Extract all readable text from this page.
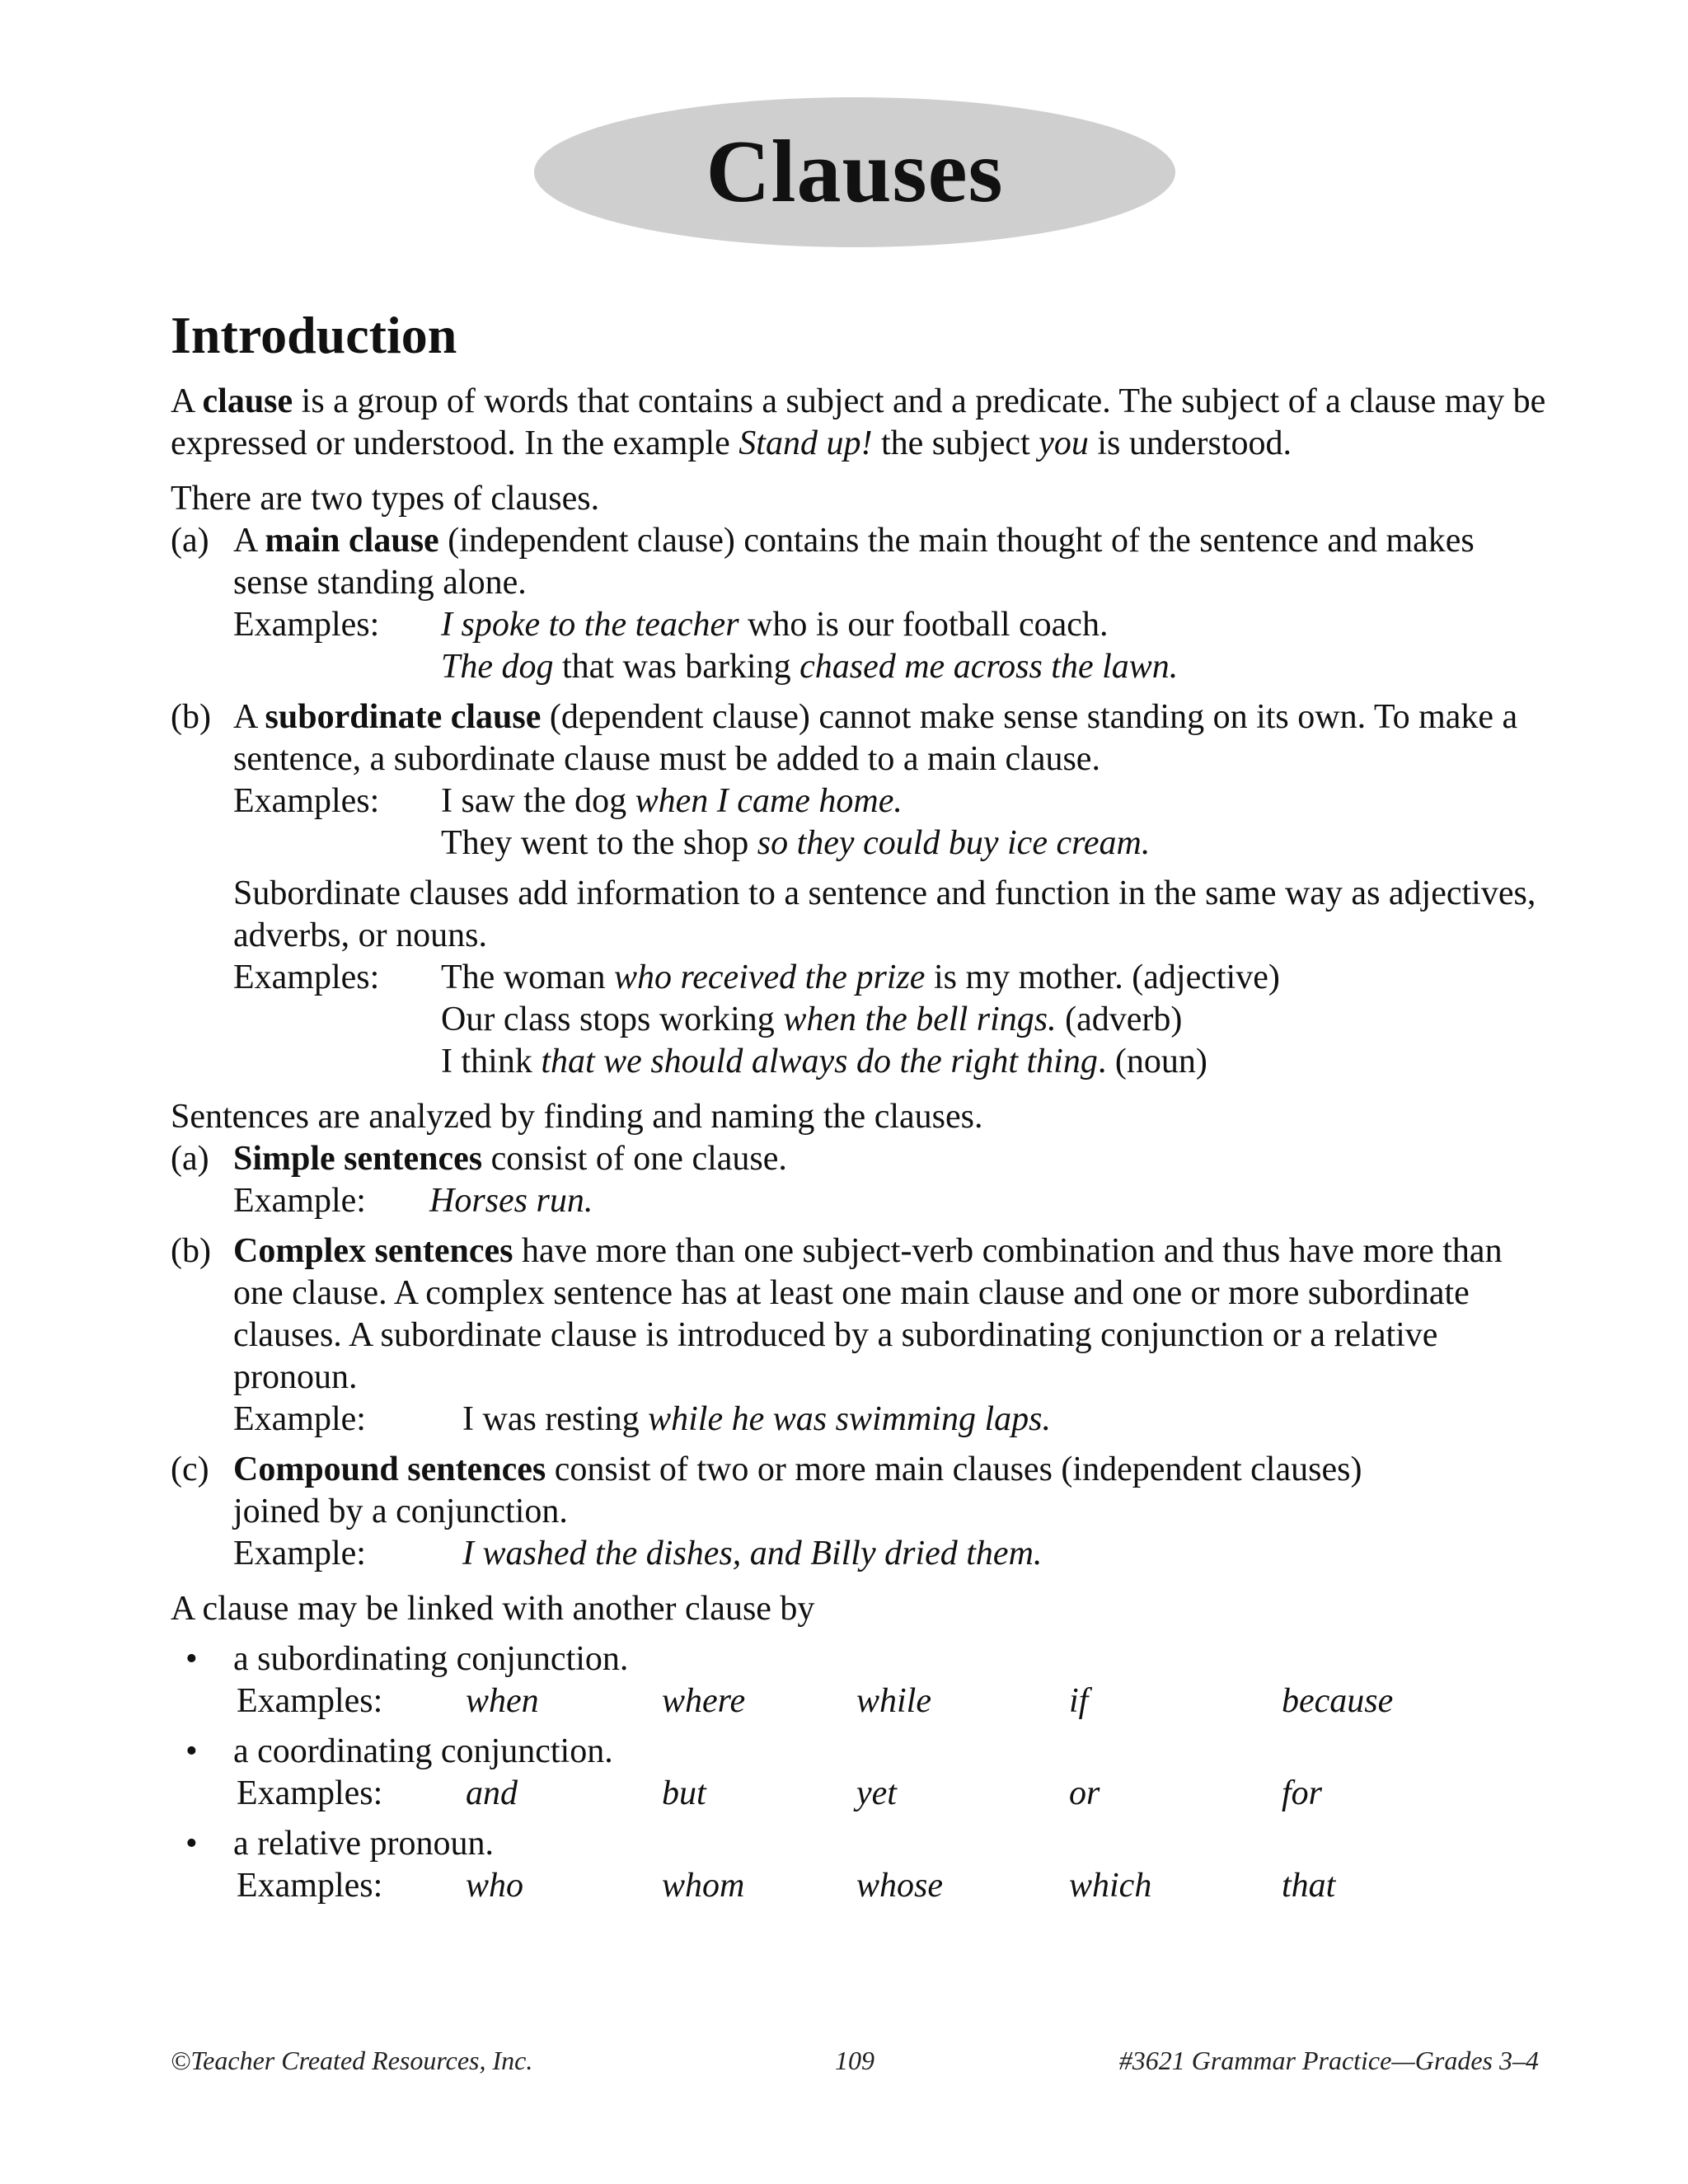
Clauses
Introduction

A clause is a group of words that contains a subject and a predicate. The subject of a clause may be expressed or understood. In the example Stand up! the subject you is understood.

There are two types of clauses.

(a) A main clause (independent clause) contains the main thought of the sentence and makes sense standing alone.
Examples:	I spoke to the teacher who is our football coach.
The dog that was barking chased me across the lawn.
(b) A subordinate clause (dependent clause) cannot make sense standing on its own. To make a sentence, a subordinate clause must be added to a main clause.
Examples:	I saw the dog when I came home.
They went to the shop so they could buy ice cream.

Subordinate clauses add information to a sentence and function in the same way as adjectives, adverbs, or nouns.

Examples:	The woman who received the prize is my mother. (adjective)
Our class stops working when the bell rings. (adverb)
I think that we should always do the right thing. (noun)

Sentences are analyzed by finding and naming the clauses.

(a) Simple sentences consist of one clause.
Example:	Horses run.
(b) Complex sentences have more than one subject-verb combination and thus have more than one clause. A complex sentence has at least one main clause and one or more subordinate clauses. A subordinate clause is introduced by a subordinating conjunction or a relative pronoun.
Example:	I was resting while he was swimming laps.
(c) Compound sentences consist of two or more main clauses (independent clauses)

joined by a conjunction.

Example:	I washed the dishes, and Billy dried them.

A clause may be linked with another clause by

•	a subordinating conjunction.
Examples:	when	where	while	if	because
•	a coordinating conjunction.
Examples:	and	but	yet	or	for
•	a relative pronoun.
Examples:	who	whom	whose	which	that
©Teacher Created Resources, Inc.	109	#3621 Grammar Practice—Grades 3–4
